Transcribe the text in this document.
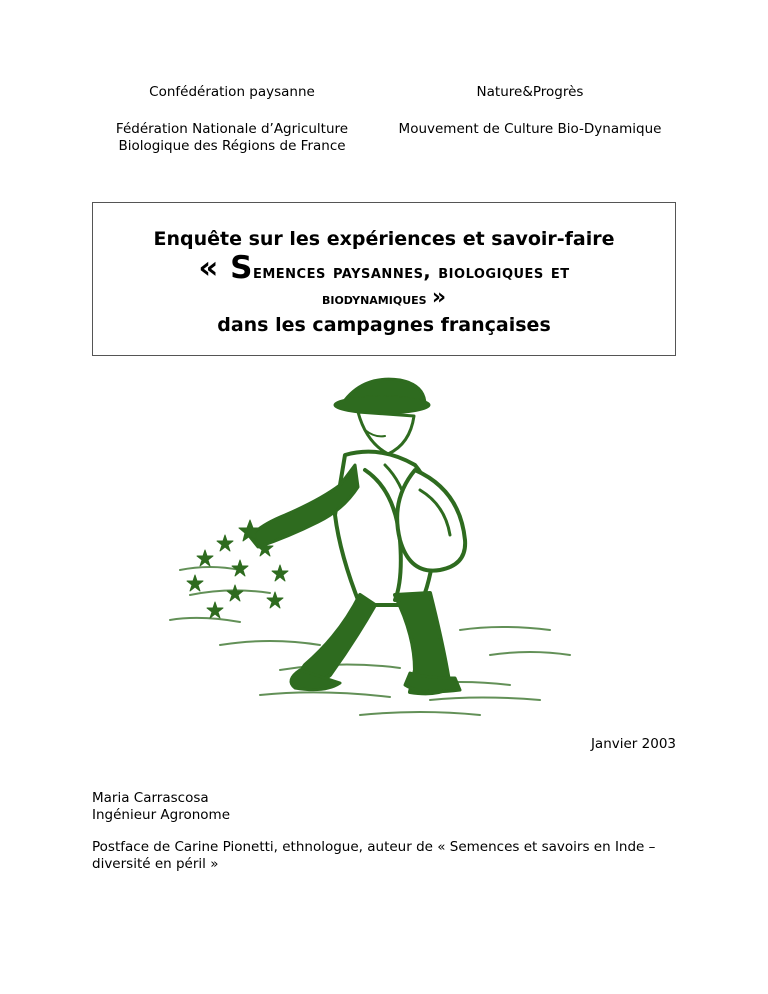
Confédération paysanne	Nature&Progrès
Fédération Nationale d’Agriculture
Biologique des Régions de France
Mouvement de Culture Bio-Dynamique
Enquête sur les expériences et savoir-faire
« Semences paysannes, biologiques et
biodynamiques »
dans les campagnes françaises
Janvier 2003
Maria Carrascosa
Ingénieur Agronome
Postface de Carine Pionetti, ethnologue, auteur de « Semences et savoirs en Inde –
diversité en péril »
